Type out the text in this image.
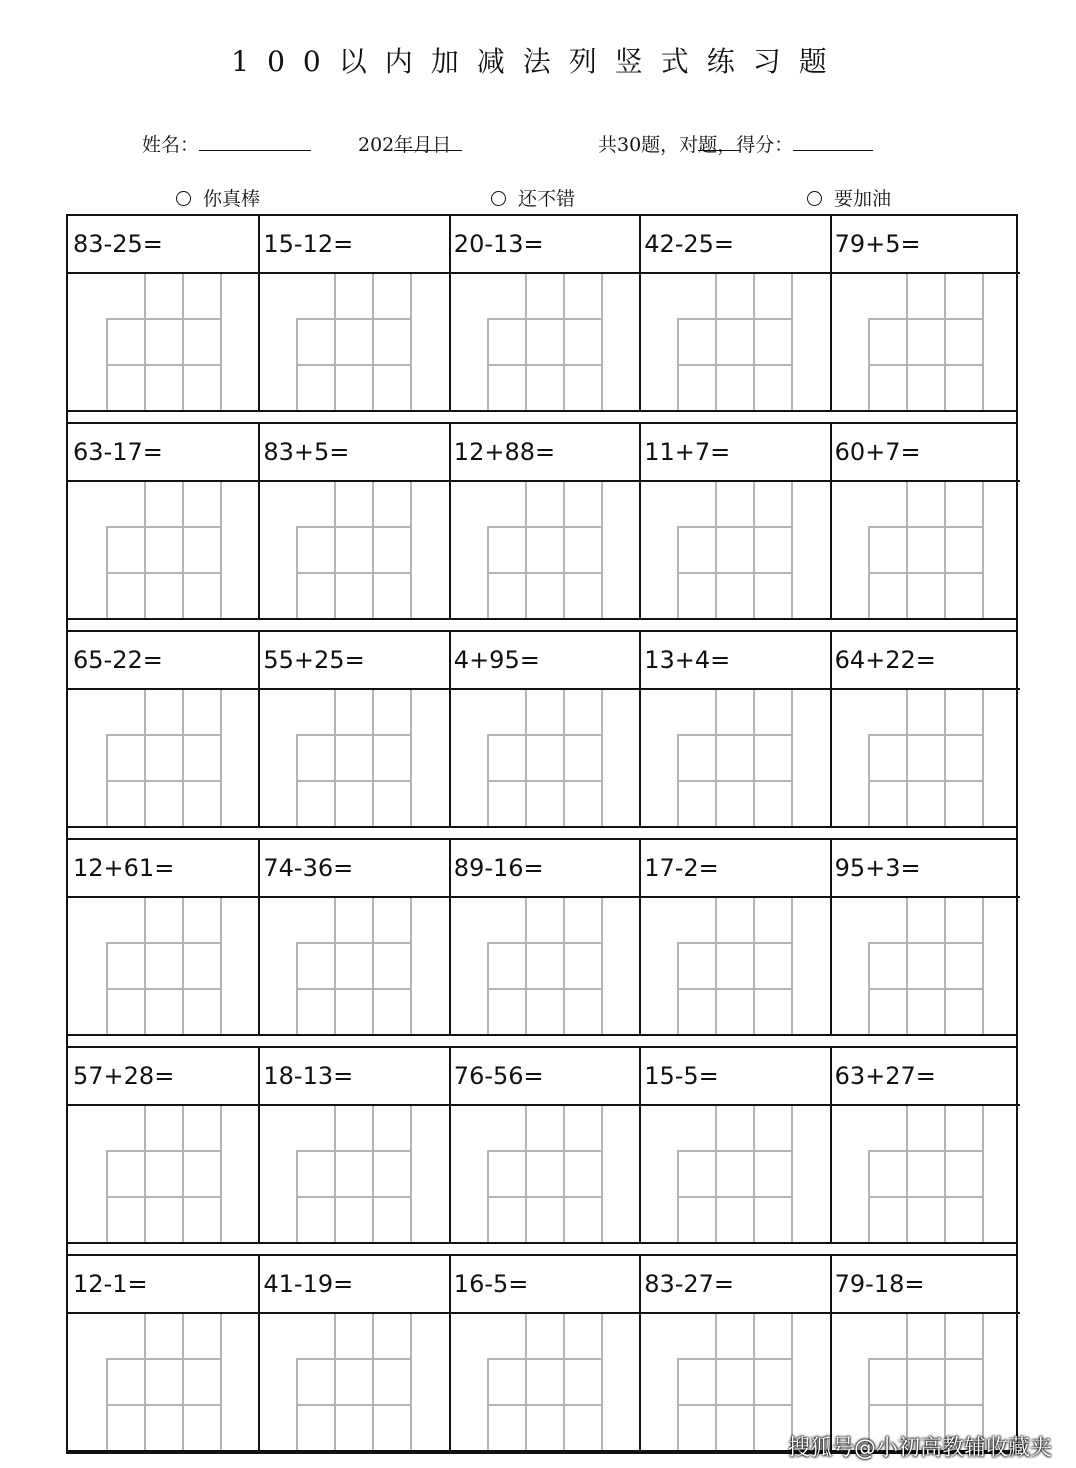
100以内加减法列竖式练习题
姓名：	202
年
月
日	共30题，对
题，得分：
你真棒	还不错	要加油
83-25=	15-12=	20-13=	42-25=	79+5=
63-17=	83+5=	12+88=	11+7=	60+7=
65-22=	55+25=	4+95=	13+4=	64+22=
12+61=	74-36=	89-16=	17-2=	95+3=
57+28=	18-13=	76-56=	15-5=	63+27=
12-1=	41-19=	16-5=	83-27=	79-18=
搜狐号@小初高教辅收藏夹
